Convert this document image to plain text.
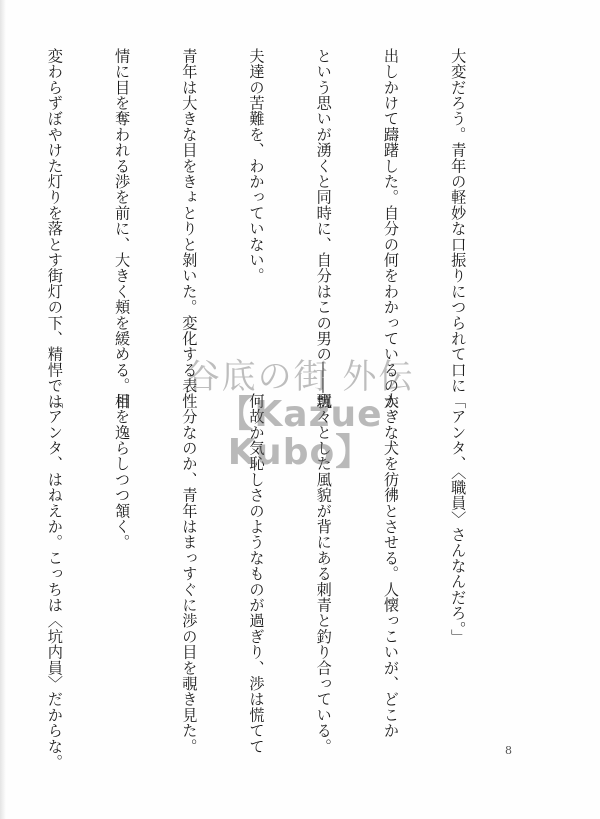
大変だろう。青年の軽妙な口振りにつられて口に

出しかけて躊躇した。自分の何をわかっているのか、

という思いが湧くと同時に、自分はこの男の――坑

夫達の苦難を、わかっていない。

青年は大きな目をきょとりと剝いた。変化する表

情に目を奪われる渉を前に、大きく頬を緩める。相

変わらずぼやけた灯りを落とす街灯の下、精悍では

「アンタ、〈職員〉さんなんだろ。」

大きな犬を彷彿とさせる。人懐っこいが、どこか

飄々とした風貌が背にある刺青と釣り合っている。

何故か気恥しさのようなものが過ぎり、渉は慌てて

性分なのか、青年はまっすぐに渉の目を覗き見た。

目を逸らしつつ頷く。

「アンタ、はねえか。こっちは〈坑内員〉だからな。

谷底の街 外伝
【Kazue Kubo】
8
